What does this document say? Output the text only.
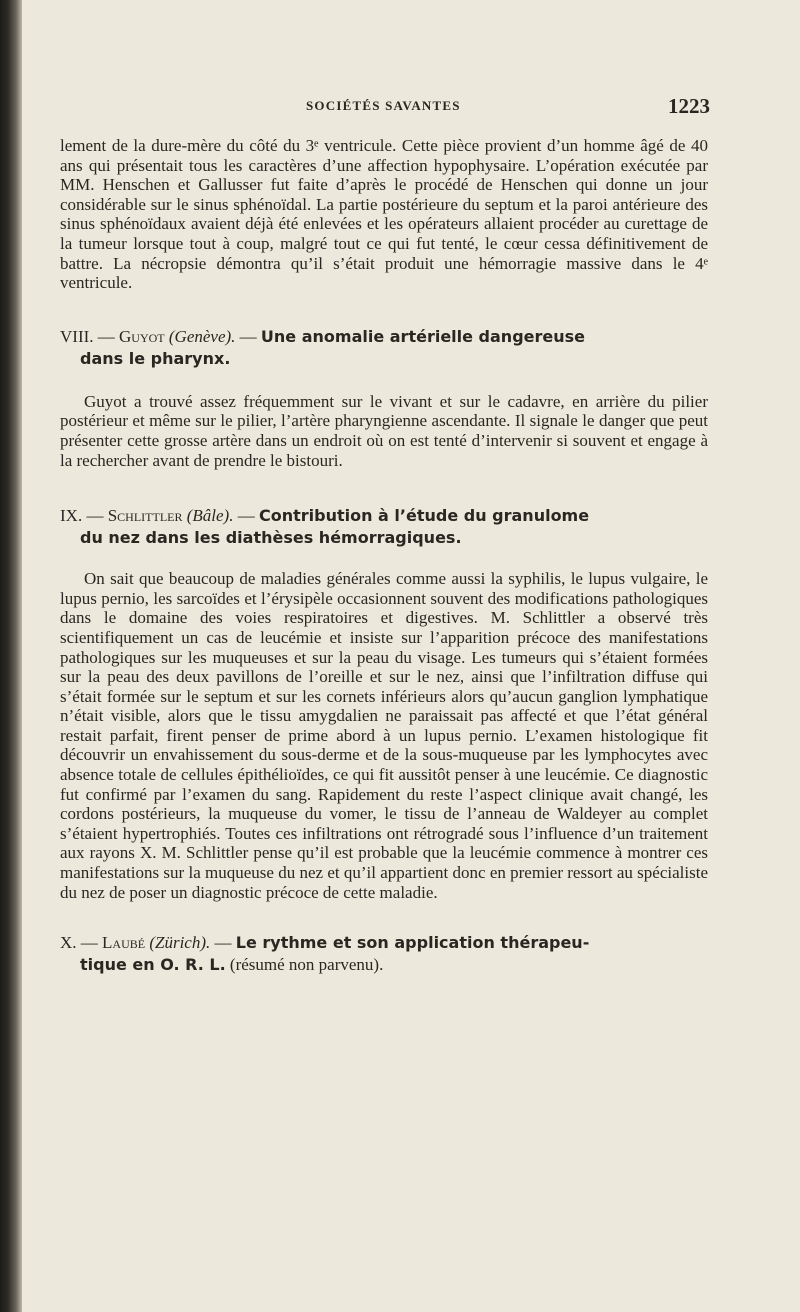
SOCIÉTÉS SAVANTES	1223

lement de la dure-mère du côté du 3ᵉ ventricule. Cette pièce provient d’un homme âgé de 40 ans qui présentait tous les caractères d’une affection hypophysaire. L’opération exécutée par MM. Henschen et Gallusser fut faite d’après le procédé de Henschen qui donne un jour considérable sur le sinus sphénoïdal. La partie postérieure du septum et la paroi antérieure des sinus sphénoïdaux avaient déjà été enlevées et les opérateurs allaient procéder au curettage de la tumeur lorsque tout à coup, malgré tout ce qui fut tenté, le cœur cessa définitivement de battre. La nécropsie démontra qu’il s’était produit une hémorragie massive dans le 4ᵉ ventricule.

VIII. — Guyot (Genève). — Une anomalie artérielle dangereuse
dans le pharynx.

Guyot a trouvé assez fréquemment sur le vivant et sur le cadavre, en arrière du pilier postérieur et même sur le pilier, l’artère pharyngienne ascendante. Il signale le danger que peut présenter cette grosse artère dans un endroit où on est tenté d’intervenir si souvent et engage à la rechercher avant de prendre le bistouri.

IX. — Schlittler (Bâle). — Contribution à l’étude du granulome
du nez dans les diathèses hémorragiques.

On sait que beaucoup de maladies générales comme aussi la syphilis, le lupus vulgaire, le lupus pernio, les sarcoïdes et l’érysipèle occasionnent souvent des modifications pathologiques dans le domaine des voies respiratoires et digestives. M. Schlittler a observé très scientifiquement un cas de leucémie et insiste sur l’apparition précoce des manifestations pathologiques sur les muqueuses et sur la peau du visage. Les tumeurs qui s’étaient formées sur la peau des deux pavillons de l’oreille et sur le nez, ainsi que l’infiltration diffuse qui s’était formée sur le septum et sur les cornets inférieurs alors qu’aucun ganglion lymphatique n’était visible, alors que le tissu amygdalien ne paraissait pas affecté et que l’état général restait parfait, firent penser de prime abord à un lupus pernio. L’examen histologique fit découvrir un envahissement du sous-derme et de la sous-muqueuse par les lymphocytes avec absence totale de cellules épithélioïdes, ce qui fit aussitôt penser à une leucémie. Ce diagnostic fut confirmé par l’examen du sang. Rapidement du reste l’aspect clinique avait changé, les cordons postérieurs, la muqueuse du vomer, le tissu de l’anneau de Waldeyer au complet s’étaient hypertrophiés. Toutes ces infiltrations ont rétrogradé sous l’influence d’un traitement aux rayons X. M. Schlittler pense qu’il est probable que la leucémie commence à montrer ces manifestations sur la muqueuse du nez et qu’il appartient donc en premier ressort au spécialiste du nez de poser un diagnostic précoce de cette maladie.

X. — Laubé (Zürich). — Le rythme et son application thérapeu-
tique en O. R. L. (résumé non parvenu).
